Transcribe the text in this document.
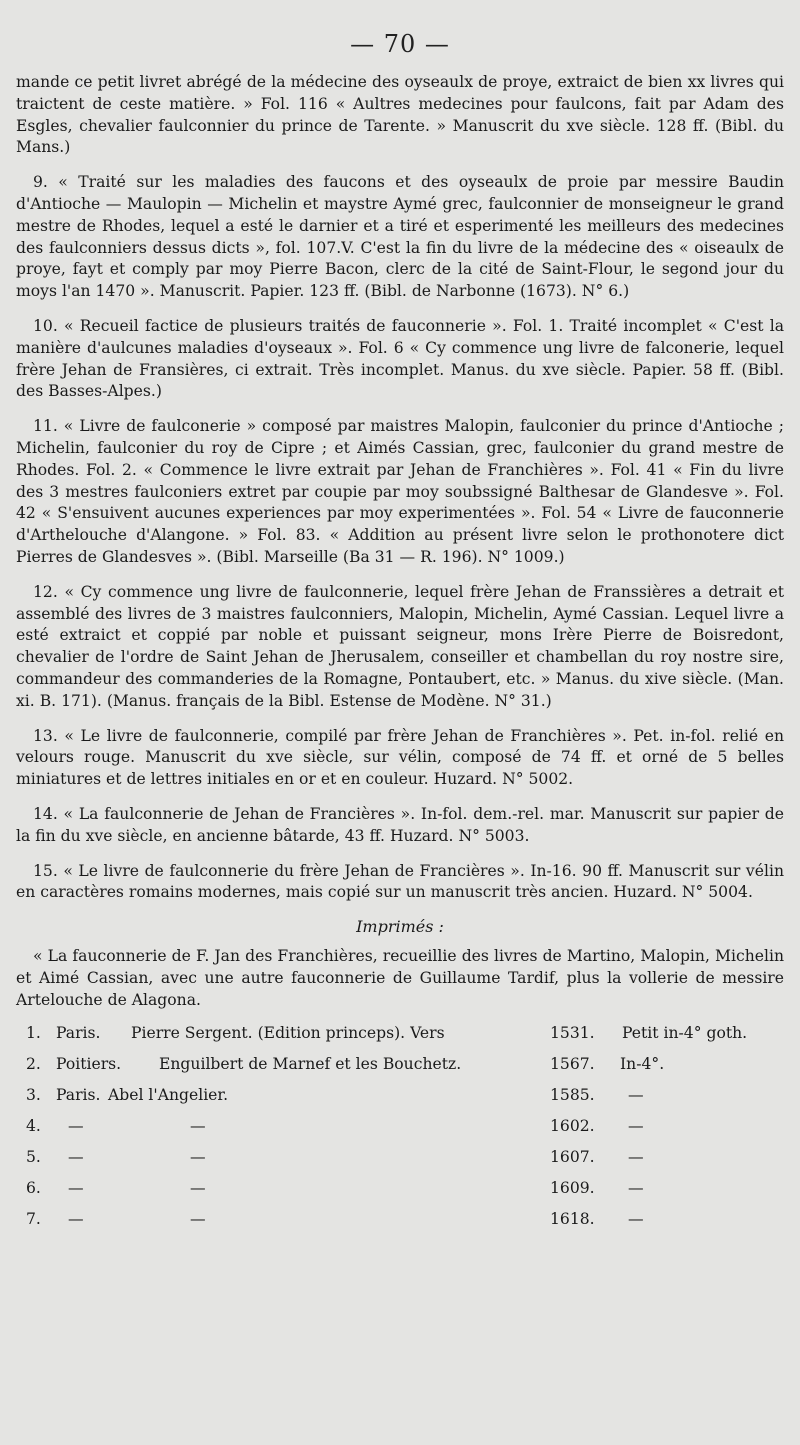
— 70 —

mande ce petit livret abrégé de la médecine des oyseaulx de proye, extraict de bien xx livres qui traictent de ceste matière. » Fol. 116 « Aultres medecines pour faulcons, fait par Adam des Esgles, chevalier faulconnier du prince de Tarente. » Manuscrit du xve siècle. 128 ff. (Bibl. du Mans.)

9. « Traité sur les maladies des faucons et des oyseaulx de proie par messire Baudin d'Antioche — Maulopin — Michelin et maystre Aymé grec, faulconnier de monseigneur le grand mestre de Rhodes, lequel a esté le darnier et a tiré et esperimenté les meilleurs des medecines des faulconniers dessus dicts », fol. 107.V. C'est la fin du livre de la médecine des « oiseaulx de proye, fayt et comply par moy Pierre Bacon, clerc de la cité de Saint-Flour, le segond jour du moys l'an 1470 ». Manuscrit. Papier. 123 ff. (Bibl. de Narbonne (1673). N° 6.)

10. « Recueil factice de plusieurs traités de fauconnerie ». Fol. 1. Traité incomplet « C'est la manière d'aulcunes maladies d'oyseaux ». Fol. 6 « Cy commence ung livre de falconerie, lequel frère Jehan de Fransières, ci extrait. Très incomplet. Manus. du xve siècle. Papier. 58 ff. (Bibl. des Basses-Alpes.)

11. « Livre de faulconerie » composé par maistres Malopin, faulconier du prince d'Antioche ; Michelin, faulconier du roy de Cipre ; et Aimés Cassian, grec, faulconier du grand mestre de Rhodes. Fol. 2. « Commence le livre extrait par Jehan de Franchières ». Fol. 41 « Fin du livre des 3 mestres faulconiers extret par coupie par moy soubssigné Balthesar de Glandesve ». Fol. 42 « S'ensuivent aucunes experiences par moy experimentées ». Fol. 54 « Livre de fauconnerie d'Arthelouche d'Alangone. » Fol. 83. « Addition au présent livre selon le prothonotere dict Pierres de Glandesves ». (Bibl. Marseille (Ba 31 — R. 196). N° 1009.)

12. « Cy commence ung livre de faulconnerie, lequel frère Jehan de Franssières a detrait et assemblé des livres de 3 maistres faulconniers, Malopin, Michelin, Aymé Cassian. Lequel livre a esté extraict et coppié par noble et puissant seigneur, mons Irère Pierre de Boisredont, chevalier de l'ordre de Saint Jehan de Jherusalem, conseiller et chambellan du roy nostre sire, commandeur des commanderies de la Romagne, Pontaubert, etc. » Manus. du xive siècle. (Man. xi. B. 171). (Manus. français de la Bibl. Estense de Modène. N° 31.)

13. « Le livre de faulconnerie, compilé par frère Jehan de Franchières ». Pet. in-fol. relié en velours rouge. Manuscrit du xve siècle, sur vélin, composé de 74 ff. et orné de 5 belles miniatures et de lettres initiales en or et en couleur. Huzard. N° 5002.

14. « La faulconnerie de Jehan de Francières ». In-fol. dem.-rel. mar. Manuscrit sur papier de la fin du xve siècle, en ancienne bâtarde, 43 ff. Huzard. N° 5003.

15. « Le livre de faulconnerie du frère Jehan de Francières ». In-16. 90 ff. Manuscrit sur vélin en caractères romains modernes, mais copié sur un manuscrit très ancien. Huzard. N° 5004.

Imprimés :

« La fauconnerie de F. Jan des Franchières, recueillie des livres de Martino, Malopin, Michelin et Aimé Cassian, avec une autre fauconnerie de Guillaume Tardif, plus la vollerie de messire Artelouche de Alagona.

1. Paris. Pierre Sergent. (Edition princeps). Vers	1531. Petit in-4° goth.
2. Poitiers. Enguilbert de Marnef et les Bouchetz.	1567. In-4°.
3. Paris. Abel l'Angelier.	1585. —
4. —	—	1602. —
5. —	—	1607. —
6. —	—	1609. —
7. —	—	1618. —
